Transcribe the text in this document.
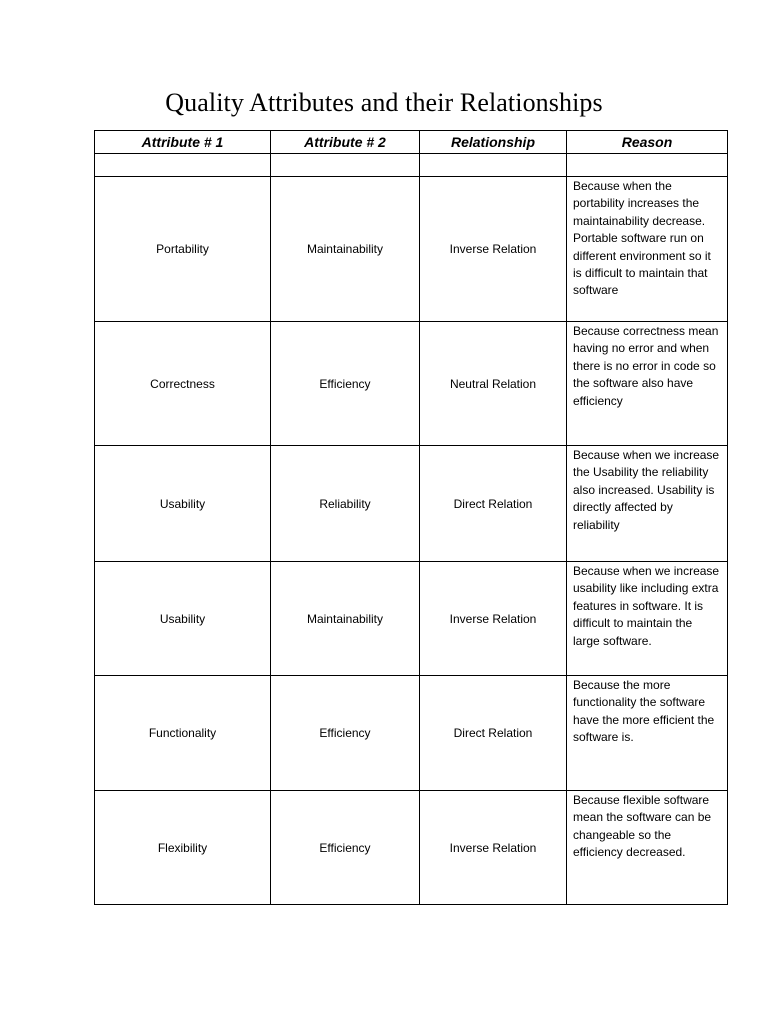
Quality Attributes and their Relationships
Attribute # 1	Attribute # 2	Relationship	Reason

Portability	Maintainability	Inverse Relation	Because when the portability increases the maintainability decrease. Portable software run on different environment so it is difficult to maintain that software
Correctness	Efficiency	Neutral Relation	Because correctness mean having no error and when there is no error in code so the software also have efficiency
Usability	Reliability	Direct Relation	Because when we increase the Usability the reliability also increased. Usability is directly affected by reliability
Usability	Maintainability	Inverse Relation	Because when we increase usability like including extra features in software. It is difficult to maintain the large software.
Functionality	Efficiency	Direct Relation	Because the more functionality the software have the more efficient the software is.
Flexibility	Efficiency	Inverse Relation	Because flexible software mean the software can be changeable so the efficiency decreased.
